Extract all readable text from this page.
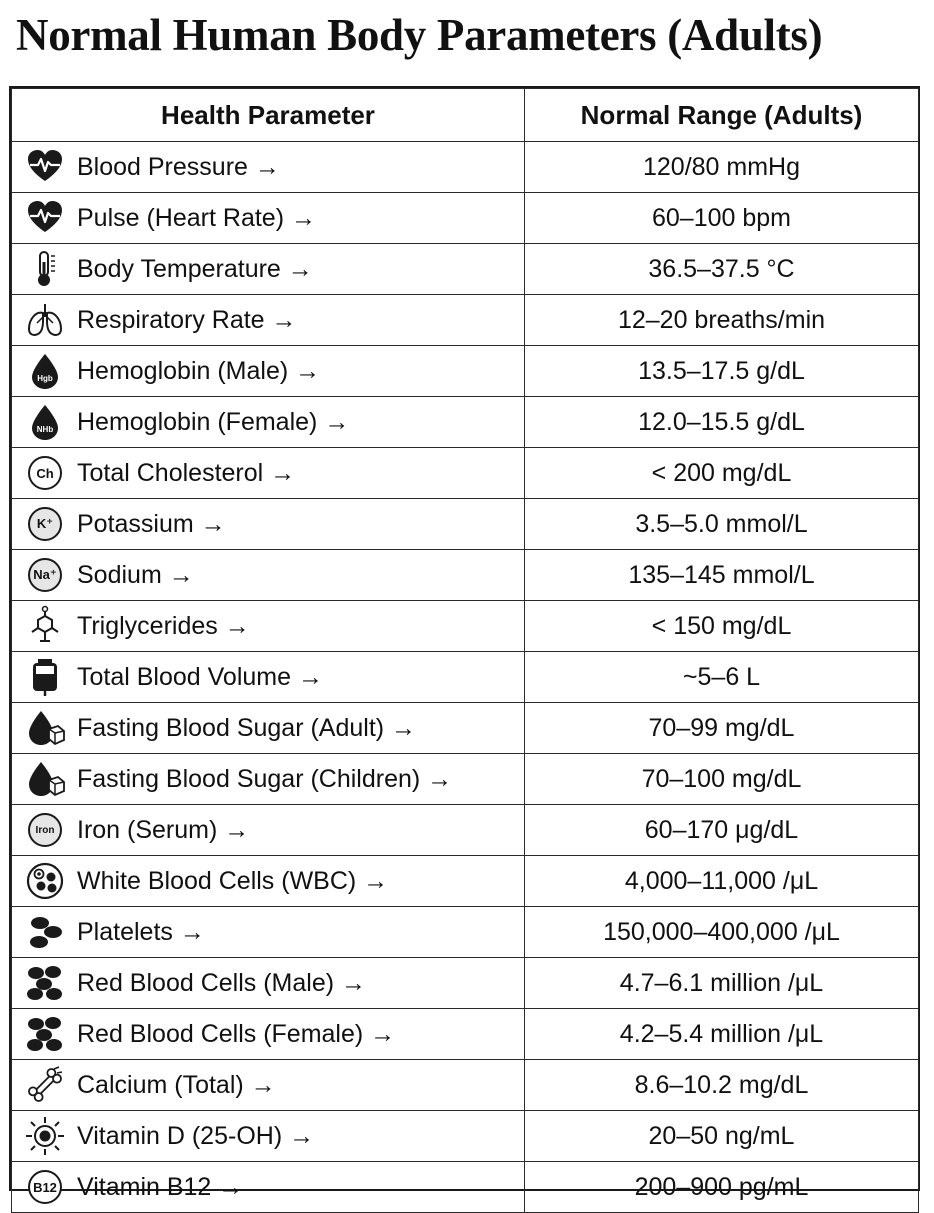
Normal Human Body Parameters (Adults)
Health Parameter	Normal Range (Adults)

Blood Pressure →	120/80 mmHg

Pulse (Heart Rate) →	60–100 bpm

Body Temperature →	36.5–37.5 °C

Respiratory Rate →	12–20 breaths/min

Hgb Hemoglobin (Male) →	13.5–17.5 g/dL

NHb Hemoglobin (Female) →	12.0–15.5 g/dL

Ch Total Cholesterol →	< 200 mg/dL

K⁺ Potassium →	3.5–5.0 mmol/L

Na⁺ Sodium →	135–145 mmol/L

Triglycerides →	< 150 mg/dL

Total Blood Volume →	~5–6 L

Fasting Blood Sugar (Adult) →	70–99 mg/dL

Fasting Blood Sugar (Children) →	70–100 mg/dL

Iron Iron (Serum) →	60–170 μg/dL

White Blood Cells (WBC) →	4,000–11,000 /μL

Platelets →	150,000–400,000 /μL

Red Blood Cells (Male) →	4.7–6.1 million /μL

Red Blood Cells (Female) →	4.2–5.4 million /μL

Calcium (Total) →	8.6–10.2 mg/dL

Vitamin D (25-OH) →	20–50 ng/mL

B12 Vitamin B12 →	200–900 pg/mL
